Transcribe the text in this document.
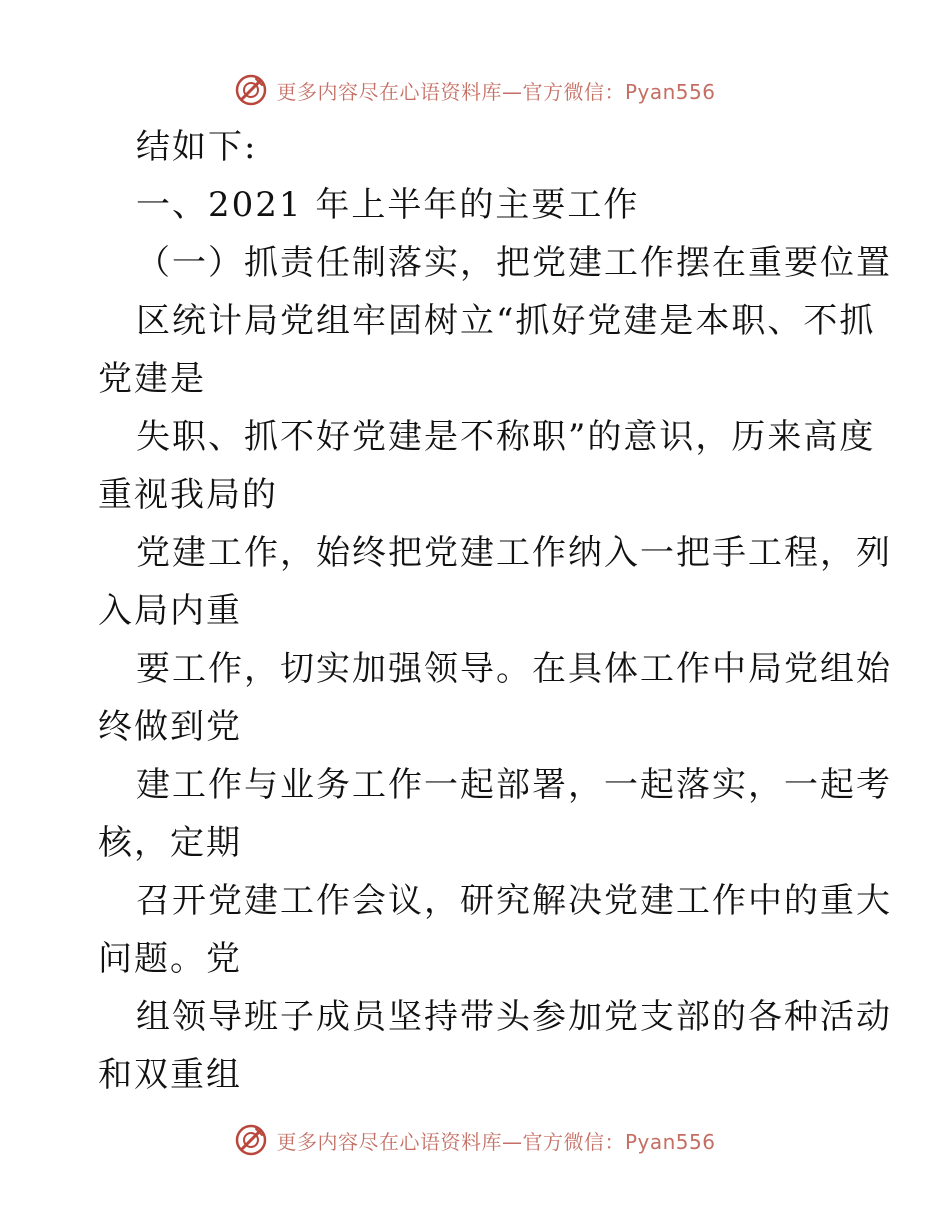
更多内容尽在心语资料库—官方微信：Pyan556
结如下:
一、2021 年上半年的主要工作
（一）抓责任制落实，把党建工作摆在重要位置
区统计局党组牢固树立“抓好党建是本职、不抓
党建是
失职、抓不好党建是不称职”的意识，历来高度
重视我局的
党建工作，始终把党建工作纳入一把手工程，列
入局内重
要工作，切实加强领导。在具体工作中局党组始
终做到党
建工作与业务工作一起部署，一起落实，一起考
核，定期
召开党建工作会议，研究解决党建工作中的重大
问题。党
组领导班子成员坚持带头参加党支部的各种活动
和双重组
更多内容尽在心语资料库—官方微信：Pyan556
